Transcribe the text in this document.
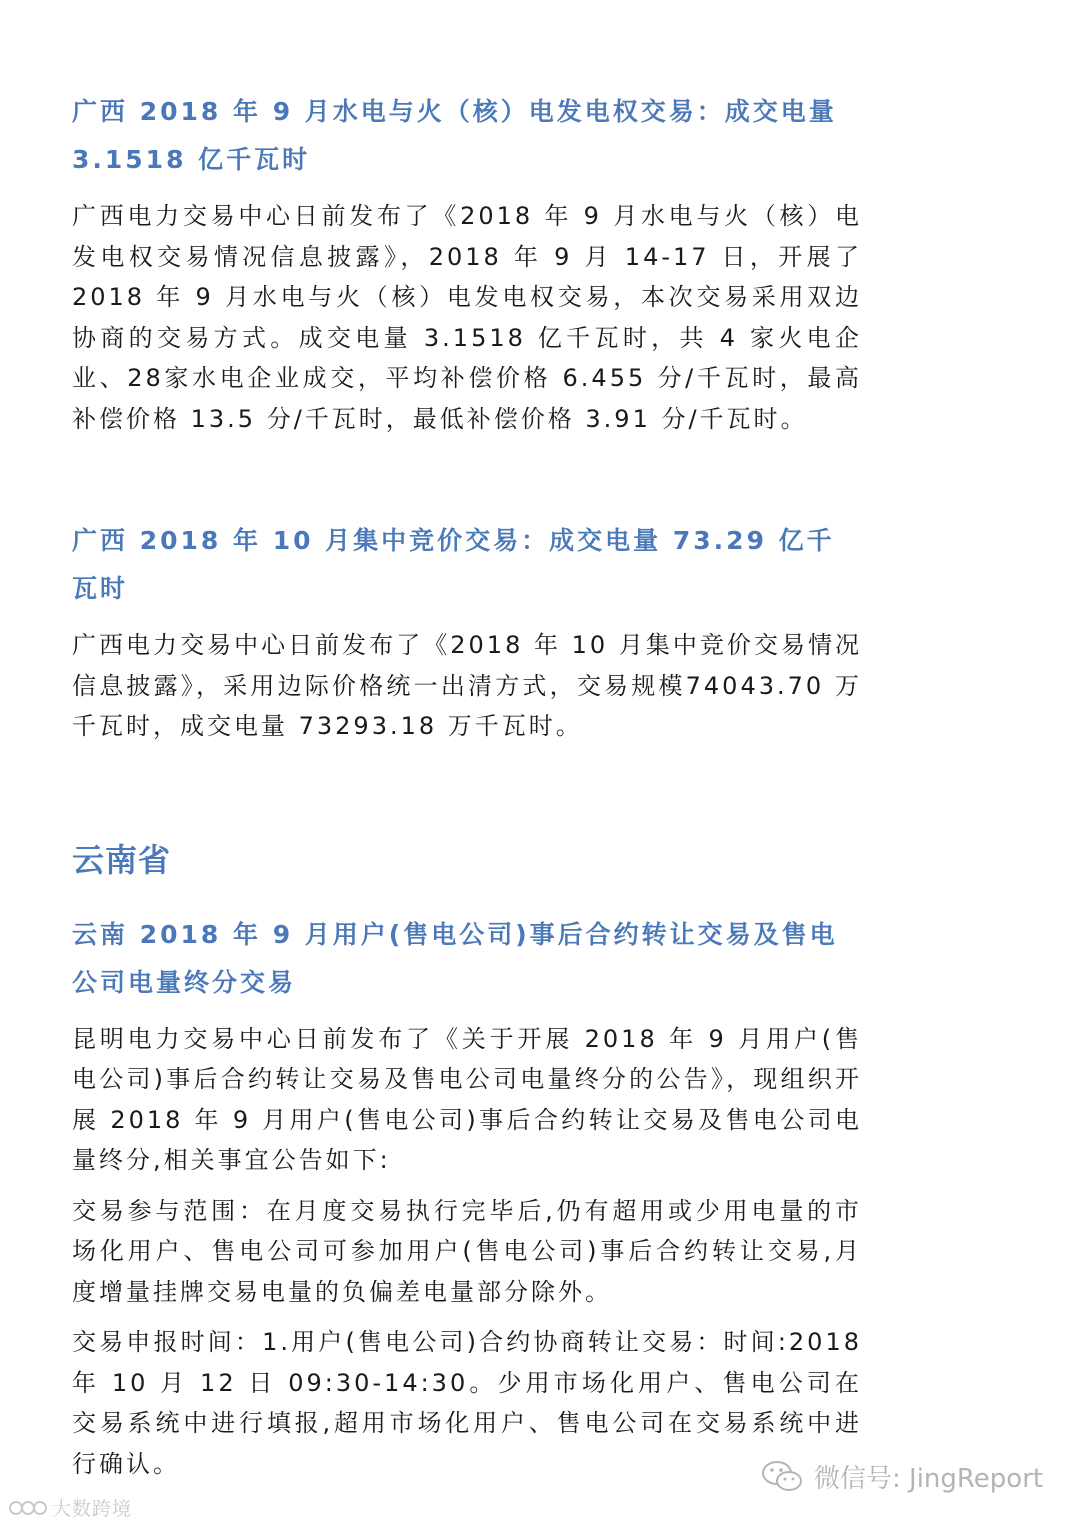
广西 2018 年 9 月水电与火（核）电发电权交易：成交电量3.1518 亿千瓦时

广西电力交易中心日前发布了《2018 年 9 月水电与火（核）电发电权交易情况信息披露》，2018 年 9 月 14-17 日，开展了2018 年 9 月水电与火（核）电发电权交易，本次交易采用双边协商的交易方式。成交电量 3.1518 亿千瓦时，共 4 家火电企业、28家水电企业成交，平均补偿价格 6.455 分/千瓦时，最高补偿价格 13.5 分/千瓦时，最低补偿价格 3.91 分/千瓦时。

广西 2018 年 10 月集中竞价交易：成交电量 73.29 亿千瓦时

广西电力交易中心日前发布了《2018 年 10 月集中竞价交易情况信息披露》，采用边际价格统一出清方式，交易规模74043.70 万千瓦时，成交电量 73293.18 万千瓦时。

云南省
云南 2018 年 9 月用户(售电公司)事后合约转让交易及售电公司电量终分交易

昆明电力交易中心日前发布了《关于开展 2018 年 9 月用户(售电公司)事后合约转让交易及售电公司电量终分的公告》，现组织开展 2018 年 9 月用户(售电公司)事后合约转让交易及售电公司电量终分,相关事宜公告如下:

交易参与范围：在月度交易执行完毕后,仍有超用或少用电量的市场化用户、售电公司可参加用户(售电公司)事后合约转让交易,月度增量挂牌交易电量的负偏差电量部分除外。

交易申报时间：1.用户(售电公司)合约协商转让交易：时间:2018 年 10 月 12 日 09:30-14:30。少用市场化用户、售电公司在交易系统中进行填报,超用市场化用户、售电公司在交易系统中进行确认。

大数跨境
微信号: JingReport
